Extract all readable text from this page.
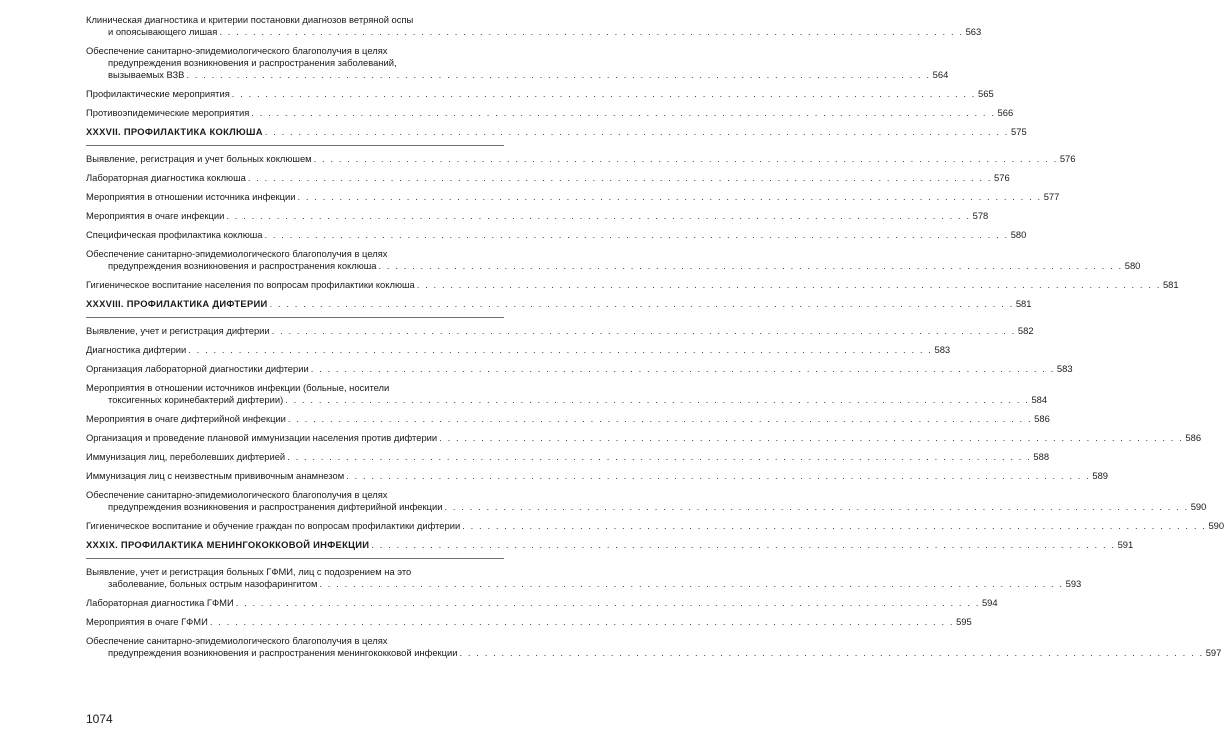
Клиническая диагностика и критерии постановки диагнозов ветряной оспы
и опоясывающего лишая . . . . . . . . . . . . . . . . . . . . . . . . . . . . . . . . . . . . . . . . . . . . . . . . . . . . . . . . . . . . . . . . . . . . . . . . . . . . . . . . . . . . . . . . . 563
Обеспечение санитарно-эпидемиологического благополучия в целях
предупреждения возникновения и распространения заболеваний,
вызываемых ВЗВ . . . . . . . . . . . . . . . . . . . . . . . . . . . . . . . . . . . . . . . . . . . . . . . . . . . . . . . . . . . . . . . . . . . . . . . . . . . . . . . . . . . . . . . . . 564
Профилактические мероприятия . . . . . . . . . . . . . . . . . . . . . . . . . . . . . . . . . . . . . . . . . . . . . . . . . . . . . . . . . . . . . . . . . . . . . . . . . . . . . . . . . . . . . . . . . 565
Противоэпидемические мероприятия . . . . . . . . . . . . . . . . . . . . . . . . . . . . . . . . . . . . . . . . . . . . . . . . . . . . . . . . . . . . . . . . . . . . . . . . . . . . . . . . . . . . . . . . . 566
XXXVII. ПРОФИЛАКТИКА КОКЛЮША . . . . . . . . . . . . . . . . . . . . . . . . . . . . . . . . . . . . . . . . . . . . . . . . . . . . . . . . . . . . . . . . . . . . . . . . . . . . . . . . . . . . . . . . . 575
Выявление, регистрация и учет больных коклюшем . . . . . . . . . . . . . . . . . . . . . . . . . . . . . . . . . . . . . . . . . . . . . . . . . . . . . . . . . . . . . . . . . . . . . . . . . . . . . . . . . . . . . . . . . 576
Лабораторная диагностика коклюша . . . . . . . . . . . . . . . . . . . . . . . . . . . . . . . . . . . . . . . . . . . . . . . . . . . . . . . . . . . . . . . . . . . . . . . . . . . . . . . . . . . . . . . . . 576
Мероприятия в отношении источника инфекции . . . . . . . . . . . . . . . . . . . . . . . . . . . . . . . . . . . . . . . . . . . . . . . . . . . . . . . . . . . . . . . . . . . . . . . . . . . . . . . . . . . . . . . . . 577
Мероприятия в очаге инфекции . . . . . . . . . . . . . . . . . . . . . . . . . . . . . . . . . . . . . . . . . . . . . . . . . . . . . . . . . . . . . . . . . . . . . . . . . . . . . . . . . . . . . . . . . 578
Специфическая профилактика коклюша . . . . . . . . . . . . . . . . . . . . . . . . . . . . . . . . . . . . . . . . . . . . . . . . . . . . . . . . . . . . . . . . . . . . . . . . . . . . . . . . . . . . . . . . . 580
Обеспечение санитарно-эпидемиологического благополучия в целях
предупреждения возникновения и распространения коклюша . . . . . . . . . . . . . . . . . . . . . . . . . . . . . . . . . . . . . . . . . . . . . . . . . . . . . . . . . . . . . . . . . . . . . . . . . . . . . . . . . . . . . . . . . 580
Гигиеническое воспитание населения по вопросам профилактики коклюша . . . . . . . . . . . . . . . . . . . . . . . . . . . . . . . . . . . . . . . . . . . . . . . . . . . . . . . . . . . . . . . . . . . . . . . . . . . . . . . . . . . . . . . . . 581
XXXVIII. ПРОФИЛАКТИКА ДИФТЕРИИ . . . . . . . . . . . . . . . . . . . . . . . . . . . . . . . . . . . . . . . . . . . . . . . . . . . . . . . . . . . . . . . . . . . . . . . . . . . . . . . . . . . . . . . . . 581
Выявление, учет и регистрация дифтерии . . . . . . . . . . . . . . . . . . . . . . . . . . . . . . . . . . . . . . . . . . . . . . . . . . . . . . . . . . . . . . . . . . . . . . . . . . . . . . . . . . . . . . . . . 582
Диагностика дифтерии . . . . . . . . . . . . . . . . . . . . . . . . . . . . . . . . . . . . . . . . . . . . . . . . . . . . . . . . . . . . . . . . . . . . . . . . . . . . . . . . . . . . . . . . . 583
Организация лабораторной диагностики дифтерии . . . . . . . . . . . . . . . . . . . . . . . . . . . . . . . . . . . . . . . . . . . . . . . . . . . . . . . . . . . . . . . . . . . . . . . . . . . . . . . . . . . . . . . . . 583
Мероприятия в отношении источников инфекции (больные, носители
токсигенных коринебактерий дифтерии) . . . . . . . . . . . . . . . . . . . . . . . . . . . . . . . . . . . . . . . . . . . . . . . . . . . . . . . . . . . . . . . . . . . . . . . . . . . . . . . . . . . . . . . . . 584
Мероприятия в очаге дифтерийной инфекции . . . . . . . . . . . . . . . . . . . . . . . . . . . . . . . . . . . . . . . . . . . . . . . . . . . . . . . . . . . . . . . . . . . . . . . . . . . . . . . . . . . . . . . . . 586
Организация и проведение плановой иммунизации населения против дифтерии . . . . . . . . . . . . . . . . . . . . . . . . . . . . . . . . . . . . . . . . . . . . . . . . . . . . . . . . . . . . . . . . . . . . . . . . . . . . . . . . . . . . . . . . . 586
Иммунизация лиц, переболевших дифтерией . . . . . . . . . . . . . . . . . . . . . . . . . . . . . . . . . . . . . . . . . . . . . . . . . . . . . . . . . . . . . . . . . . . . . . . . . . . . . . . . . . . . . . . . . 588
Иммунизация лиц с неизвестным прививочным анамнезом . . . . . . . . . . . . . . . . . . . . . . . . . . . . . . . . . . . . . . . . . . . . . . . . . . . . . . . . . . . . . . . . . . . . . . . . . . . . . . . . . . . . . . . . . 589
Обеспечение санитарно-эпидемиологического благополучия в целях
предупреждения возникновения и распространения дифтерийной инфекции . . . . . . . . . . . . . . . . . . . . . . . . . . . . . . . . . . . . . . . . . . . . . . . . . . . . . . . . . . . . . . . . . . . . . . . . . . . . . . . . . . . . . . . . . 590
Гигиеническое воспитание и обучение граждан по вопросам профилактики дифтерии . . . . . . . . . . . . . . . . . . . . . . . . . . . . . . . . . . . . . . . . . . . . . . . . . . . . . . . . . . . . . . . . . . . . . . . . . . . . . . . . . . . . . . . . . 590
XXXIX. ПРОФИЛАКТИКА МЕНИНГОКОККОВОЙ ИНФЕКЦИИ . . . . . . . . . . . . . . . . . . . . . . . . . . . . . . . . . . . . . . . . . . . . . . . . . . . . . . . . . . . . . . . . . . . . . . . . . . . . . . . . . . . . . . . . . 591
Выявление, учет и регистрация больных ГФМИ, лиц с подозрением на это
заболевание, больных острым назофарингитом . . . . . . . . . . . . . . . . . . . . . . . . . . . . . . . . . . . . . . . . . . . . . . . . . . . . . . . . . . . . . . . . . . . . . . . . . . . . . . . . . . . . . . . . . 593
Лабораторная диагностика ГФМИ . . . . . . . . . . . . . . . . . . . . . . . . . . . . . . . . . . . . . . . . . . . . . . . . . . . . . . . . . . . . . . . . . . . . . . . . . . . . . . . . . . . . . . . . . 594
Мероприятия в очаге ГФМИ . . . . . . . . . . . . . . . . . . . . . . . . . . . . . . . . . . . . . . . . . . . . . . . . . . . . . . . . . . . . . . . . . . . . . . . . . . . . . . . . . . . . . . . . . 595
Обеспечение санитарно-эпидемиологического благополучия в целях
предупреждения возникновения и распространения менингококковой инфекции . . . . . . . . . . . . . . . . . . . . . . . . . . . . . . . . . . . . . . . . . . . . . . . . . . . . . . . . . . . . . . . . . . . . . . . . . . . . . . . . . . . . . . . . . 597
1074
